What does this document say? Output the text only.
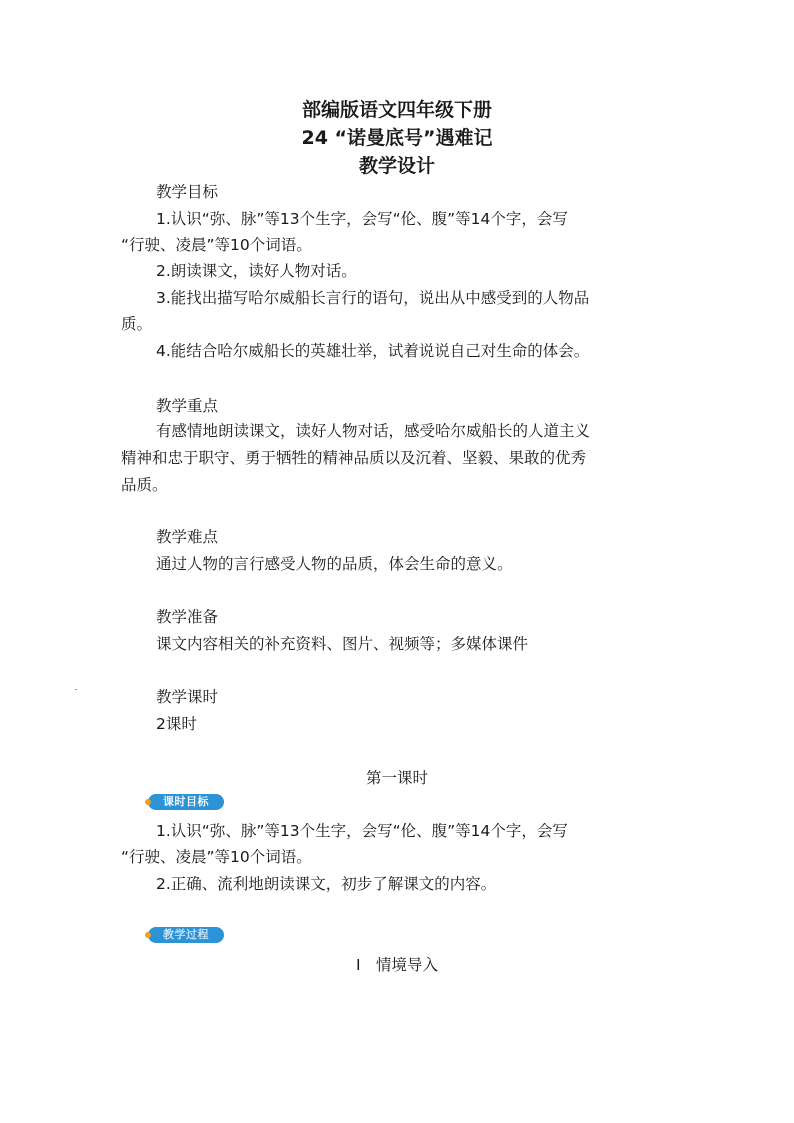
部编版语文四年级下册

24 “诺曼底号”遇难记

教学设计

教学目标

1.认识“弥、脉”等13个生字，会写“伦、腹”等14个字，会写

“行驶、凌晨”等10个词语。

2.朗读课文，读好人物对话。

3.能找出描写哈尔威船长言行的语句，说出从中感受到的人物品

质。

4.能结合哈尔威船长的英雄壮举，试着说说自己对生命的体会。

教学重点

有感情地朗读课文，读好人物对话，感受哈尔威船长的人道主义

精神和忠于职守、勇于牺牲的精神品质以及沉着、坚毅、果敢的优秀

品质。

教学难点

通过人物的言行感受人物的品质，体会生命的意义。

教学准备

课文内容相关的补充资料、图片、视频等；多媒体课件

教学课时

2课时

第一课时

课时目标

1.认识“弥、脉”等13个生字，会写“伦、腹”等14个字，会写

“行驶、凌晨”等10个词语。

2.正确、流利地朗读课文，初步了解课文的内容。

教学过程

Ⅰ　情境导入
